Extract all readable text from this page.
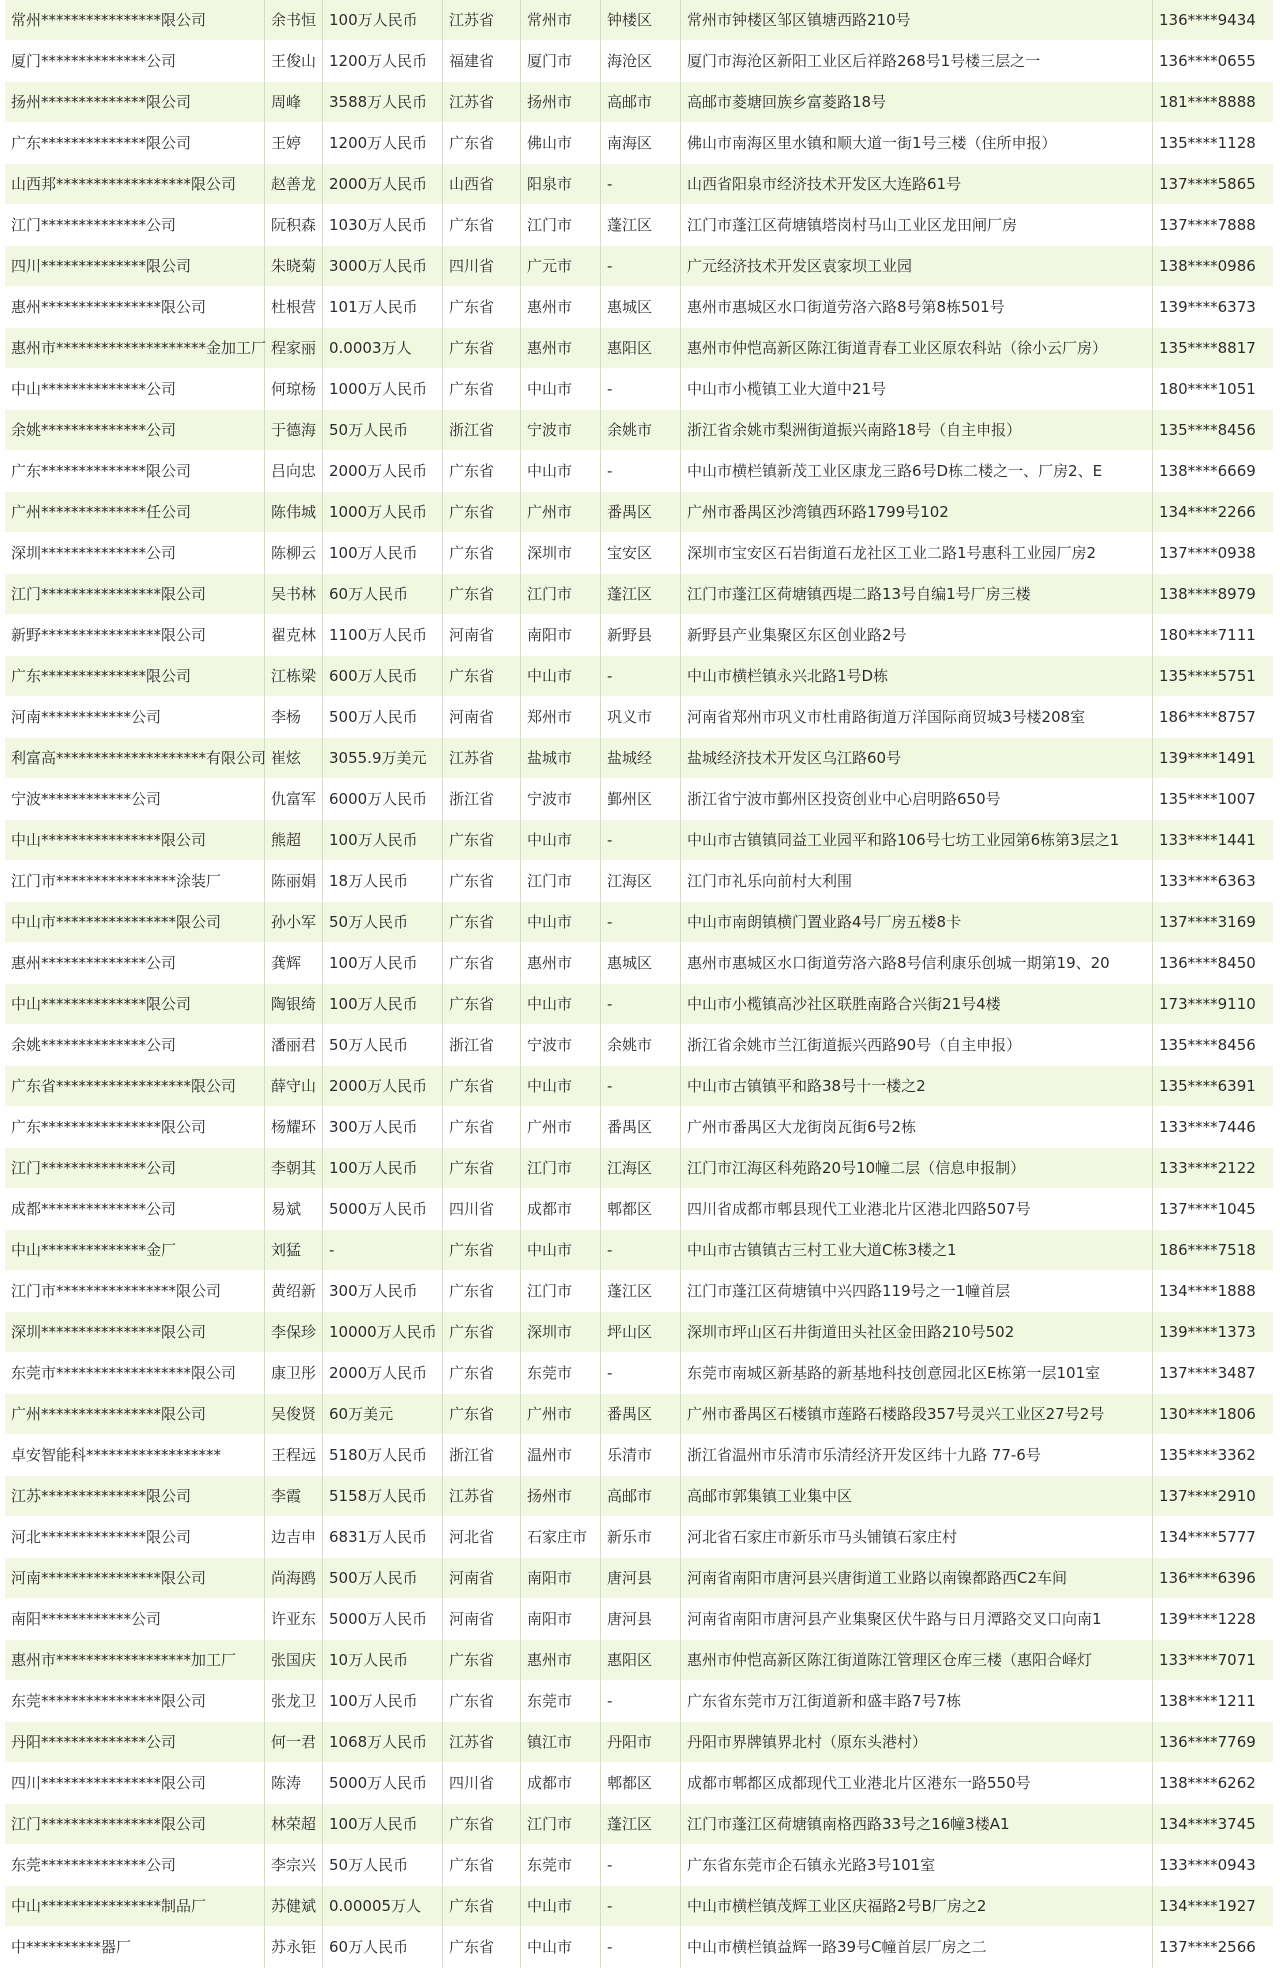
常州****************限公司	余书恒	100万人民币	江苏省	常州市	钟楼区	常州市钟楼区邹区镇塘西路210号	136****9434
厦门**************公司	王俊山	1200万人民币	福建省	厦门市	海沧区	厦门市海沧区新阳工业区后祥路268号1号楼三层之一	136****0655
扬州**************限公司	周峰	3588万人民币	江苏省	扬州市	高邮市	高邮市菱塘回族乡富菱路18号	181****8888
广东**************限公司	王婷	1200万人民币	广东省	佛山市	南海区	佛山市南海区里水镇和顺大道一街1号三楼（住所申报）	135****1128
山西邦******************限公司	赵善龙	2000万人民币	山西省	阳泉市	-	山西省阳泉市经济技术开发区大连路61号	137****5865
江门**************公司	阮积森	1030万人民币	广东省	江门市	蓬江区	江门市蓬江区荷塘镇塔岗村马山工业区龙田闸厂房	137****7888
四川**************限公司	朱晓菊	3000万人民币	四川省	广元市	-	广元经济技术开发区袁家坝工业园	138****0986
惠州****************限公司	杜根营	101万人民币	广东省	惠州市	惠城区	惠州市惠城区水口街道劳洛六路8号第8栋501号	139****6373
惠州市********************金加工厂	程家丽	0.0003万人	广东省	惠州市	惠阳区	惠州市仲恺高新区陈江街道青春工业区原农科站（徐小云厂房）	135****8817
中山**************公司	何琼杨	1000万人民币	广东省	中山市	-	中山市小榄镇工业大道中21号	180****1051
余姚**************公司	于德海	50万人民币	浙江省	宁波市	余姚市	浙江省余姚市梨洲街道振兴南路18号（自主申报）	135****8456
广东**************限公司	吕向忠	2000万人民币	广东省	中山市	-	中山市横栏镇新茂工业区康龙三路6号D栋二楼之一、厂房2、E	138****6669
广州**************任公司	陈伟城	1000万人民币	广东省	广州市	番禺区	广州市番禺区沙湾镇西环路1799号102	134****2266
深圳**************公司	陈柳云	100万人民币	广东省	深圳市	宝安区	深圳市宝安区石岩街道石龙社区工业二路1号惠科工业园厂房2	137****0938
江门****************限公司	吴书林	60万人民币	广东省	江门市	蓬江区	江门市蓬江区荷塘镇西堤二路13号自编1号厂房三楼	138****8979
新野****************限公司	翟克林	1100万人民币	河南省	南阳市	新野县	新野县产业集聚区东区创业路2号	180****7111
广东**************限公司	江栋梁	600万人民币	广东省	中山市	-	中山市横栏镇永兴北路1号D栋	135****5751
河南************公司	李杨	500万人民币	河南省	郑州市	巩义市	河南省郑州市巩义市杜甫路街道万洋国际商贸城3号楼208室	186****8757
利富高********************有限公司	崔炫	3055.9万美元	江苏省	盐城市	盐城经	盐城经济技术开发区乌江路60号	139****1491
宁波************公司	仇富军	6000万人民币	浙江省	宁波市	鄞州区	浙江省宁波市鄞州区投资创业中心启明路650号	135****1007
中山****************限公司	熊超	100万人民币	广东省	中山市	-	中山市古镇镇同益工业园平和路106号七坊工业园第6栋第3层之1	133****1441
江门市****************涂装厂	陈丽娟	18万人民币	广东省	江门市	江海区	江门市礼乐向前村大利围	133****6363
中山市****************限公司	孙小军	50万人民币	广东省	中山市	-	中山市南朗镇横门置业路4号厂房五楼8卡	137****3169
惠州**************公司	龚辉	100万人民币	广东省	惠州市	惠城区	惠州市惠城区水口街道劳洛六路8号信利康乐创城一期第19、20	136****8450
中山**************限公司	陶银绮	100万人民币	广东省	中山市	-	中山市小榄镇高沙社区联胜南路合兴街21号4楼	173****9110
余姚**************公司	潘丽君	50万人民币	浙江省	宁波市	余姚市	浙江省余姚市兰江街道振兴西路90号（自主申报）	135****8456
广东省******************限公司	薛守山	2000万人民币	广东省	中山市	-	中山市古镇镇平和路38号十一楼之2	135****6391
广东****************限公司	杨耀环	300万人民币	广东省	广州市	番禺区	广州市番禺区大龙街岗瓦街6号2栋	133****7446
江门**************公司	李朝其	100万人民币	广东省	江门市	江海区	江门市江海区科苑路20号10幢二层（信息申报制）	133****2122
成都**************公司	易斌	5000万人民币	四川省	成都市	郫都区	四川省成都市郫县现代工业港北片区港北四路507号	137****1045
中山**************金厂	刘猛	-	广东省	中山市	-	中山市古镇镇古三村工业大道C栋3楼之1	186****7518
江门市****************限公司	黄绍新	300万人民币	广东省	江门市	蓬江区	江门市蓬江区荷塘镇中兴四路119号之一1幢首层	134****1888
深圳****************限公司	李保珍	10000万人民币	广东省	深圳市	坪山区	深圳市坪山区石井街道田头社区金田路210号502	139****1373
东莞市******************限公司	康卫彤	2000万人民币	广东省	东莞市	-	东莞市南城区新基路的新基地科技创意园北区E栋第一层101室	137****3487
广州****************限公司	吴俊贤	60万美元	广东省	广州市	番禺区	广州市番禺区石楼镇市莲路石楼路段357号灵兴工业区27号2号	130****1806
卓安智能科******************	王程远	5180万人民币	浙江省	温州市	乐清市	浙江省温州市乐清市乐清经济开发区纬十九路 77-6号	135****3362
江苏**************限公司	李霞	5158万人民币	江苏省	扬州市	高邮市	高邮市郭集镇工业集中区	137****2910
河北**************限公司	边吉申	6831万人民币	河北省	石家庄市	新乐市	河北省石家庄市新乐市马头铺镇石家庄村	134****5777
河南****************限公司	尚海鸥	500万人民币	河南省	南阳市	唐河县	河南省南阳市唐河县兴唐街道工业路以南镍都路西C2车间	136****6396
南阳************公司	许亚东	5000万人民币	河南省	南阳市	唐河县	河南省南阳市唐河县产业集聚区伏牛路与日月潭路交叉口向南1	139****1228
惠州市******************加工厂	张国庆	10万人民币	广东省	惠州市	惠阳区	惠州市仲恺高新区陈江街道陈江管理区仓库三楼（惠阳合峄灯	133****7071
东莞****************限公司	张龙卫	100万人民币	广东省	东莞市	-	广东省东莞市万江街道新和盛丰路7号7栋	138****1211
丹阳**************公司	何一君	1068万人民币	江苏省	镇江市	丹阳市	丹阳市界牌镇界北村（原东头港村）	136****7769
四川****************限公司	陈涛	5000万人民币	四川省	成都市	郫都区	成都市郫都区成都现代工业港北片区港东一路550号	138****6262
江门****************限公司	林荣超	100万人民币	广东省	江门市	蓬江区	江门市蓬江区荷塘镇南格西路33号之16幢3楼A1	134****3745
东莞**************公司	李宗兴	50万人民币	广东省	东莞市	-	广东省东莞市企石镇永光路3号101室	133****0943
中山****************制品厂	苏健斌	0.00005万人	广东省	中山市	-	中山市横栏镇茂辉工业区庆福路2号B厂房之2	134****1927
中**********器厂	苏永钜	60万人民币	广东省	中山市	-	中山市横栏镇益辉一路39号C幢首层厂房之二	137****2566
